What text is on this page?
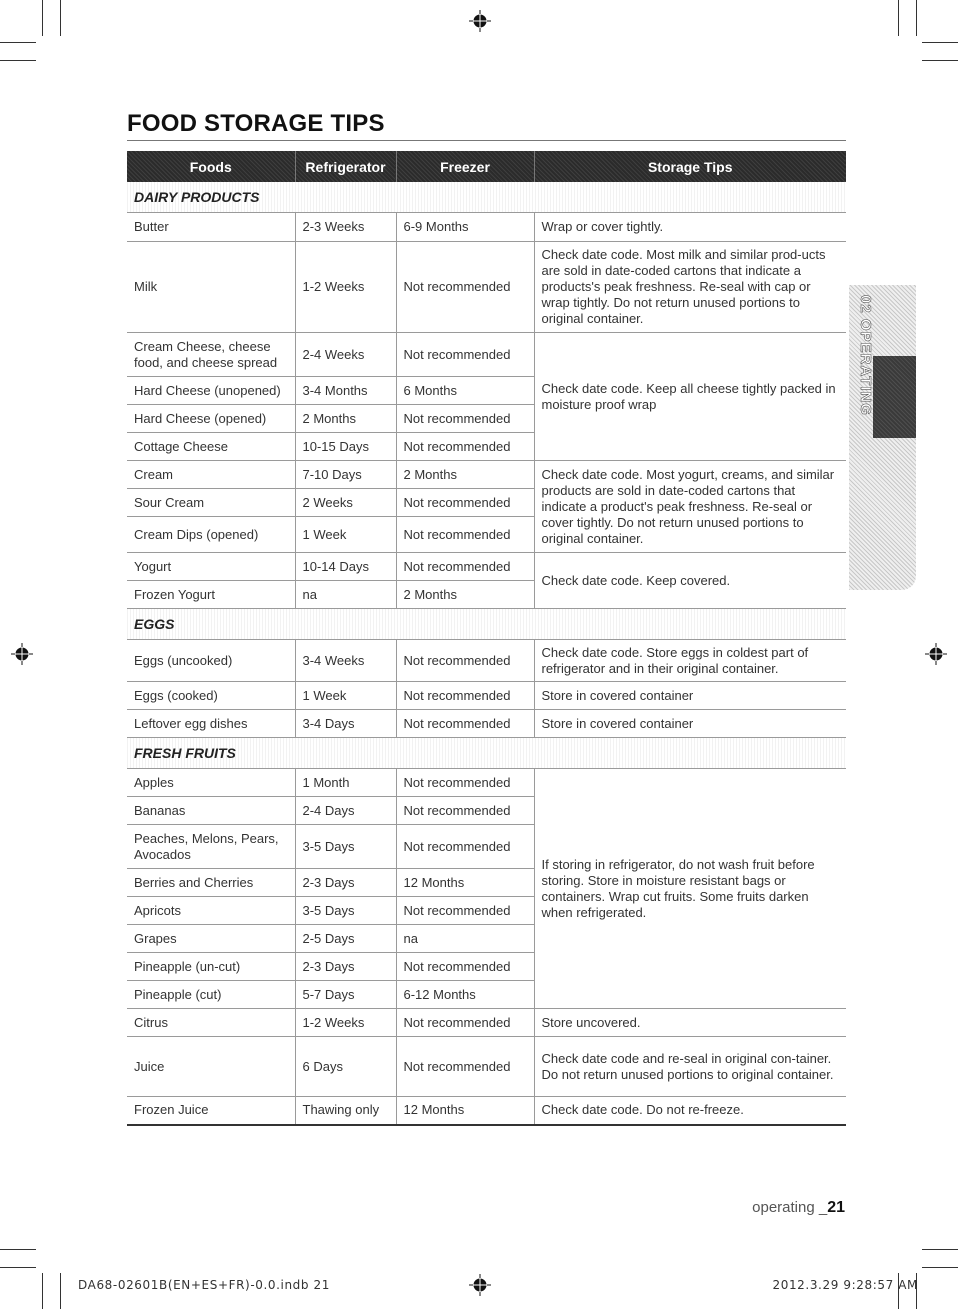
FOOD STORAGE TIPS
Foods	Refrigerator	Freezer	Storage Tips
DAIRY PRODUCTS			
Butter	2-3 Weeks	6-9 Months	Wrap or cover tightly.
Milk	1-2 Weeks	Not recommended	Check date code. Most milk and similar prod-ucts are sold in date-coded cartons that indicate a products's peak freshness. Re-seal with cap or wrap tightly. Do not return unused portions to original container.
Cream Cheese, cheese food, and cheese spread	2-4 Weeks	Not recommended	Check date code. Keep all cheese tightly packed in moisture proof wrap
Hard Cheese (unopened)	3-4 Months	6 Months	
Hard Cheese (opened)	2 Months	Not recommended	
Cottage Cheese	10-15 Days	Not recommended	
Cream	7-10 Days	2 Months	Check date code. Most yogurt, creams, and similar products are sold in date-coded cartons that indicate a product's peak freshness. Re-seal or cover tightly. Do not return unused portions to original container.
Sour Cream	2 Weeks	Not recommended	
Cream Dips (opened)	1 Week	Not recommended	
Yogurt	10-14 Days	Not recommended	Check date code. Keep covered.
Frozen Yogurt	na	2 Months	
EGGS			
Eggs (uncooked)	3-4 Weeks	Not recommended	Check date code. Store eggs in coldest part of refrigerator and in their original container.
Eggs (cooked)	1 Week	Not recommended	Store in covered container
Leftover egg dishes	3-4 Days	Not recommended	Store in covered container
FRESH FRUITS			
Apples	1 Month	Not recommended	If storing in refrigerator, do not wash fruit before storing. Store in moisture resistant bags or containers. Wrap cut fruits. Some fruits darken when refrigerated.
Bananas	2-4 Days	Not recommended	
Peaches, Melons, Pears, Avocados	3-5 Days	Not recommended	
Berries and Cherries	2-3 Days	12 Months	
Apricots	3-5 Days	Not recommended	
Grapes	2-5 Days	na	
Pineapple (un-cut)	2-3 Days	Not recommended	
Pineapple (cut)	5-7 Days	6-12 Months	
Citrus	1-2 Weeks	Not recommended	Store uncovered.
Juice	6 Days	Not recommended	Check date code and re-seal in original con-tainer. Do not return unused portions to original container.
Frozen Juice	Thawing only	12 Months	Check date code. Do not re-freeze.
02 OPERATING
operating _21
DA68-02601B(EN+ES+FR)-0.0.indb 21	2012.3.29 9:28:57 AM
